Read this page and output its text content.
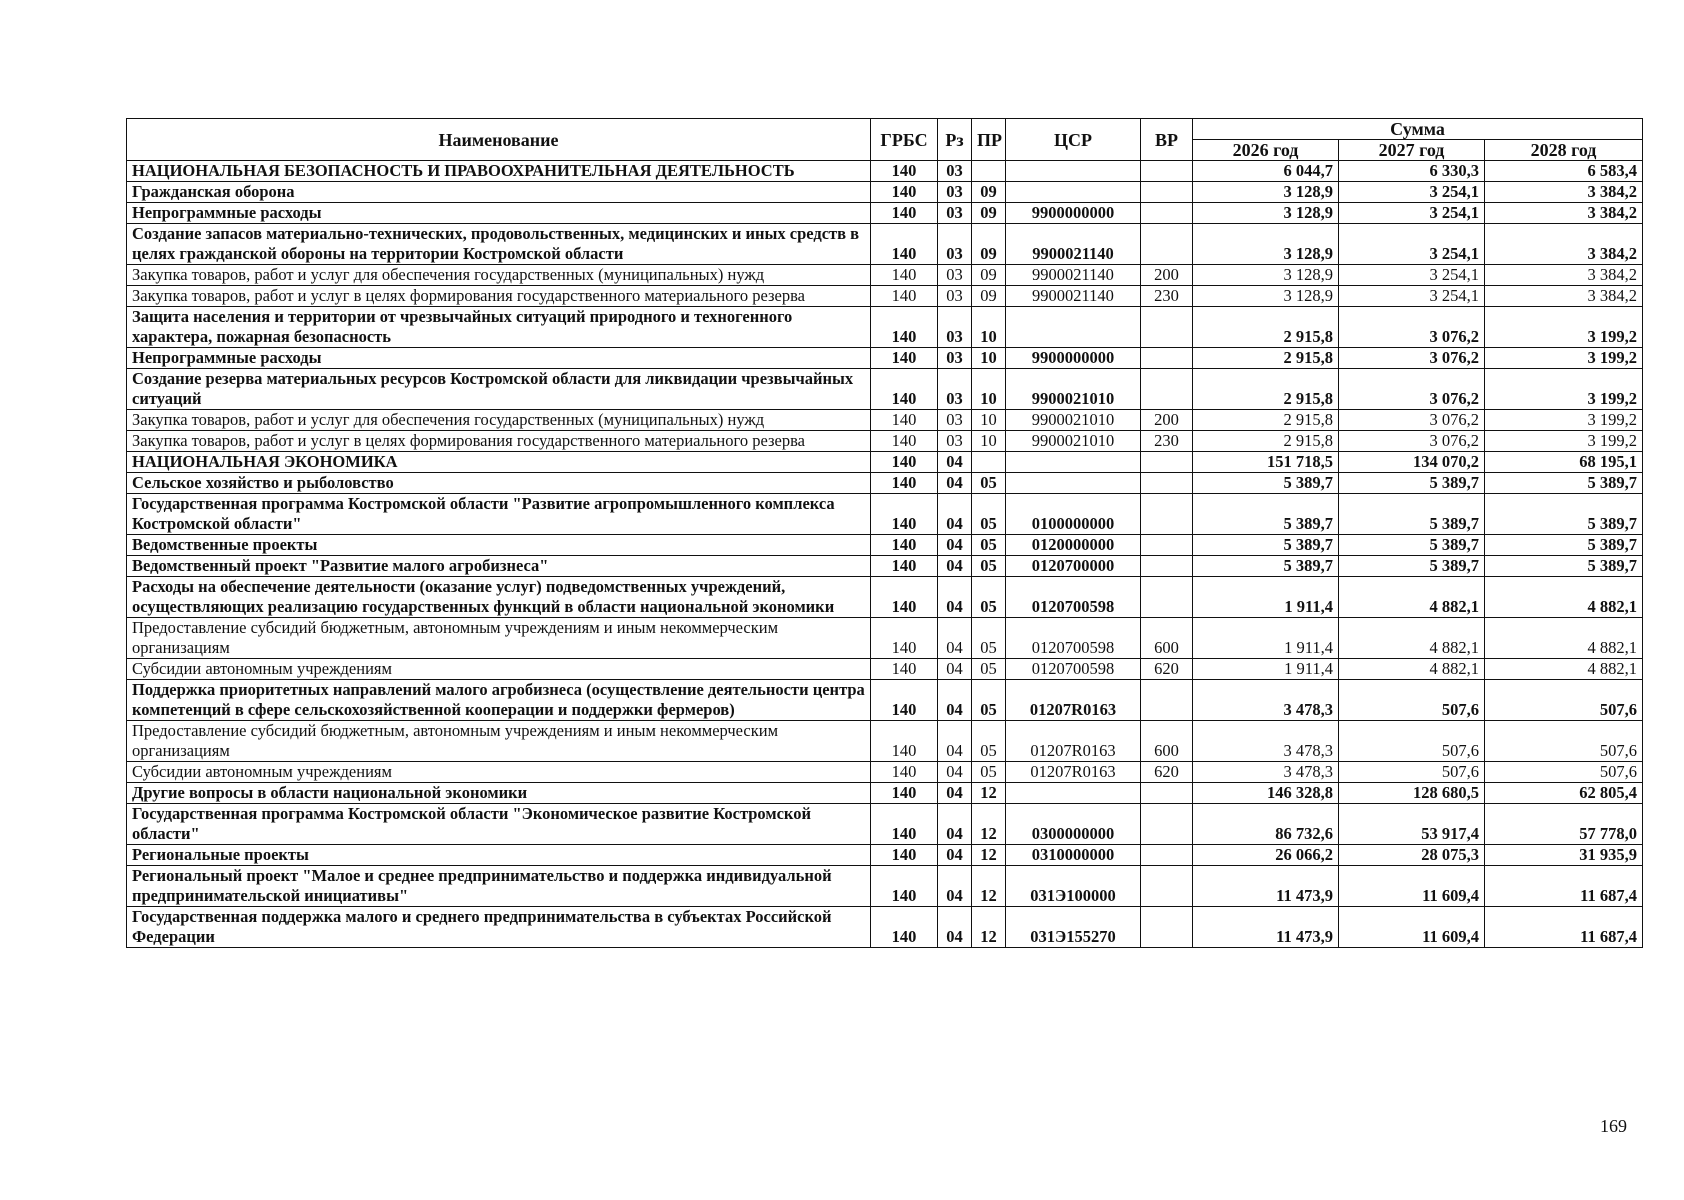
Наименование	ГРБС	Рз	ПР	ЦСР	ВР	Сумма		
						2026 год	2027 год	2028 год
НАЦИОНАЛЬНАЯ БЕЗОПАСНОСТЬ И ПРАВООХРАНИТЕЛЬНАЯ ДЕЯТЕЛЬНОСТЬ	140	03				6 044,7	6 330,3	6 583,4
Гражданская оборона	140	03	09			3 128,9	3 254,1	3 384,2
Непрограммные расходы	140	03	09	9900000000		3 128,9	3 254,1	3 384,2
Создание запасов материально-технических, продовольственных, медицинских и иных средств в целях гражданской обороны на территории Костромской области	140	03	09	9900021140		3 128,9	3 254,1	3 384,2
Закупка товаров, работ и услуг для обеспечения государственных (муниципальных) нужд	140	03	09	9900021140	200	3 128,9	3 254,1	3 384,2
Закупка товаров, работ и услуг в целях формирования государственного материального резерва	140	03	09	9900021140	230	3 128,9	3 254,1	3 384,2
Защита населения и территории от чрезвычайных ситуаций природного и техногенного характера, пожарная безопасность	140	03	10			2 915,8	3 076,2	3 199,2
Непрограммные расходы	140	03	10	9900000000		2 915,8	3 076,2	3 199,2
Создание резерва материальных ресурсов Костромской области для ликвидации чрезвычайных ситуаций	140	03	10	9900021010		2 915,8	3 076,2	3 199,2
Закупка товаров, работ и услуг для обеспечения государственных (муниципальных) нужд	140	03	10	9900021010	200	2 915,8	3 076,2	3 199,2
Закупка товаров, работ и услуг в целях формирования государственного материального резерва	140	03	10	9900021010	230	2 915,8	3 076,2	3 199,2
НАЦИОНАЛЬНАЯ ЭКОНОМИКА	140	04				151 718,5	134 070,2	68 195,1
Сельское хозяйство и рыболовство	140	04	05			5 389,7	5 389,7	5 389,7
Государственная программа Костромской области "Развитие агропромышленного комплекса Костромской области"	140	04	05	0100000000		5 389,7	5 389,7	5 389,7
Ведомственные проекты	140	04	05	0120000000		5 389,7	5 389,7	5 389,7
Ведомственный проект "Развитие малого агробизнеса"	140	04	05	0120700000		5 389,7	5 389,7	5 389,7
Расходы на обеспечение деятельности (оказание услуг) подведомственных учреждений, осуществляющих реализацию государственных функций в области национальной экономики	140	04	05	0120700598		1 911,4	4 882,1	4 882,1
Предоставление субсидий бюджетным, автономным учреждениям и иным некоммерческим организациям	140	04	05	0120700598	600	1 911,4	4 882,1	4 882,1
Субсидии автономным учреждениям	140	04	05	0120700598	620	1 911,4	4 882,1	4 882,1
Поддержка приоритетных направлений малого агробизнеса (осуществление деятельности центра компетенций в сфере сельскохозяйственной кооперации и поддержки фермеров)	140	04	05	01207R0163		3 478,3	507,6	507,6
Предоставление субсидий бюджетным, автономным учреждениям и иным некоммерческим организациям	140	04	05	01207R0163	600	3 478,3	507,6	507,6
Субсидии автономным учреждениям	140	04	05	01207R0163	620	3 478,3	507,6	507,6
Другие вопросы в области национальной экономики	140	04	12			146 328,8	128 680,5	62 805,4
Государственная программа Костромской области "Экономическое развитие Костромской области"	140	04	12	0300000000		86 732,6	53 917,4	57 778,0
Региональные проекты	140	04	12	0310000000		26 066,2	28 075,3	31 935,9
Региональный проект "Малое и среднее предпринимательство и поддержка индивидуальной предпринимательской инициативы"	140	04	12	031Э100000		11 473,9	11 609,4	11 687,4
Государственная поддержка малого и среднего предпринимательства в субъектах Российской Федерации	140	04	12	031Э155270		11 473,9	11 609,4	11 687,4
169
